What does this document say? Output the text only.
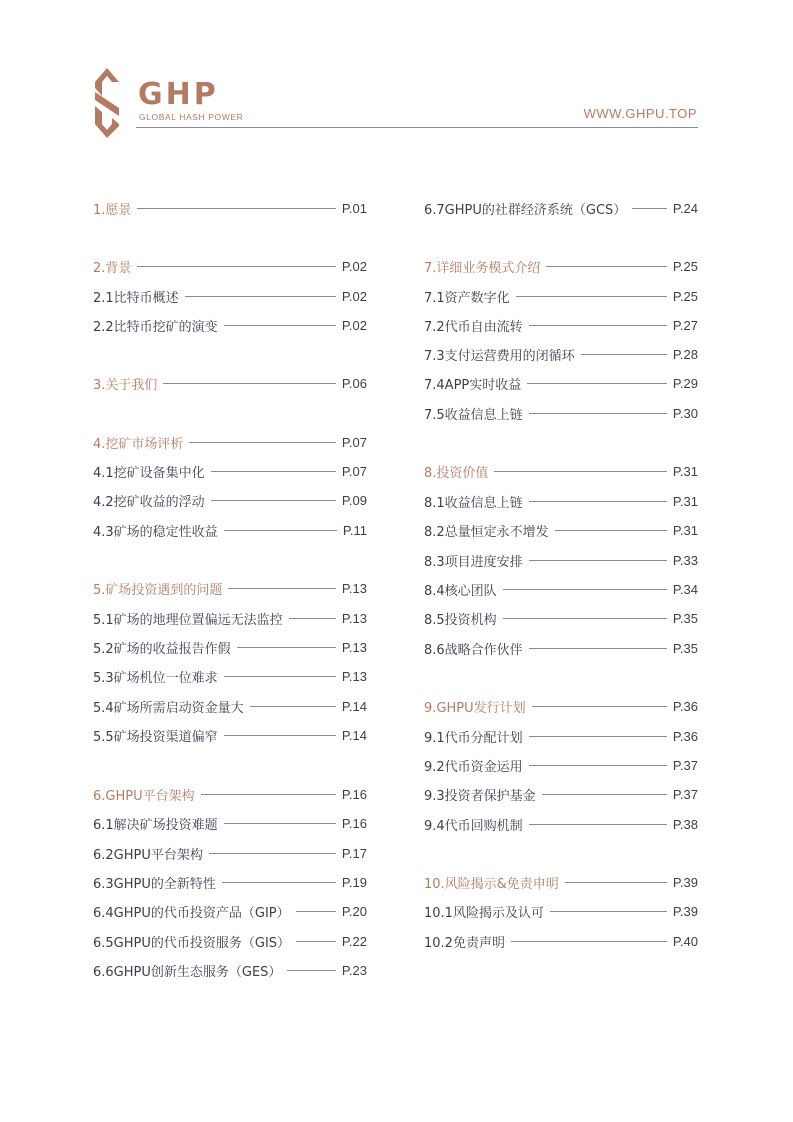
GHP
GLOBAL HASH POWER	WWW.GHPU.TOP
1.愿景	P.01
2.背景	P.02
2.1比特币概述	P.02
2.2比特币挖矿的演变	P.02
3.关于我们	P.06
4.挖矿市场评析	P.07
4.1挖矿设备集中化	P.07
4.2挖矿收益的浮动	P.09
4.3矿场的稳定性收益	P.11
5.矿场投资遇到的问题	P.13
5.1矿场的地理位置偏远无法监控	P.13
5.2矿场的收益报告作假	P.13
5.3矿场机位一位难求	P.13
5.4矿场所需启动资金量大	P.14
5.5矿场投资渠道偏窄	P.14
6.GHPU平台架构	P.16
6.1解决矿场投资难题	P.16
6.2GHPU平台架构	P.17
6.3GHPU的全新特性	P.19
6.4GHPU的代币投资产品（GIP）	P.20
6.5GHPU的代币投资服务（GIS）	P.22
6.6GHPU创新生态服务（GES）	P.23
6.7GHPU的社群经济系统（GCS）	P.24
7.详细业务模式介绍	P.25
7.1资产数字化	P.25
7.2代币自由流转	P.27
7.3支付运营费用的闭循环	P.28
7.4APP实时收益	P.29
7.5收益信息上链	P.30
8.投资价值	P.31
8.1收益信息上链	P.31
8.2总量恒定永不增发	P.31
8.3项目进度安排	P.33
8.4核心团队	P.34
8.5投资机构	P.35
8.6战略合作伙伴	P.35
9.GHPU发行计划	P.36
9.1代币分配计划	P.36
9.2代币资金运用	P.37
9.3投资者保护基金	P.37
9.4代币回购机制	P.38
10.风险揭示&免责申明	P.39
10.1风险揭示及认可	P.39
10.2免责声明	P.40
